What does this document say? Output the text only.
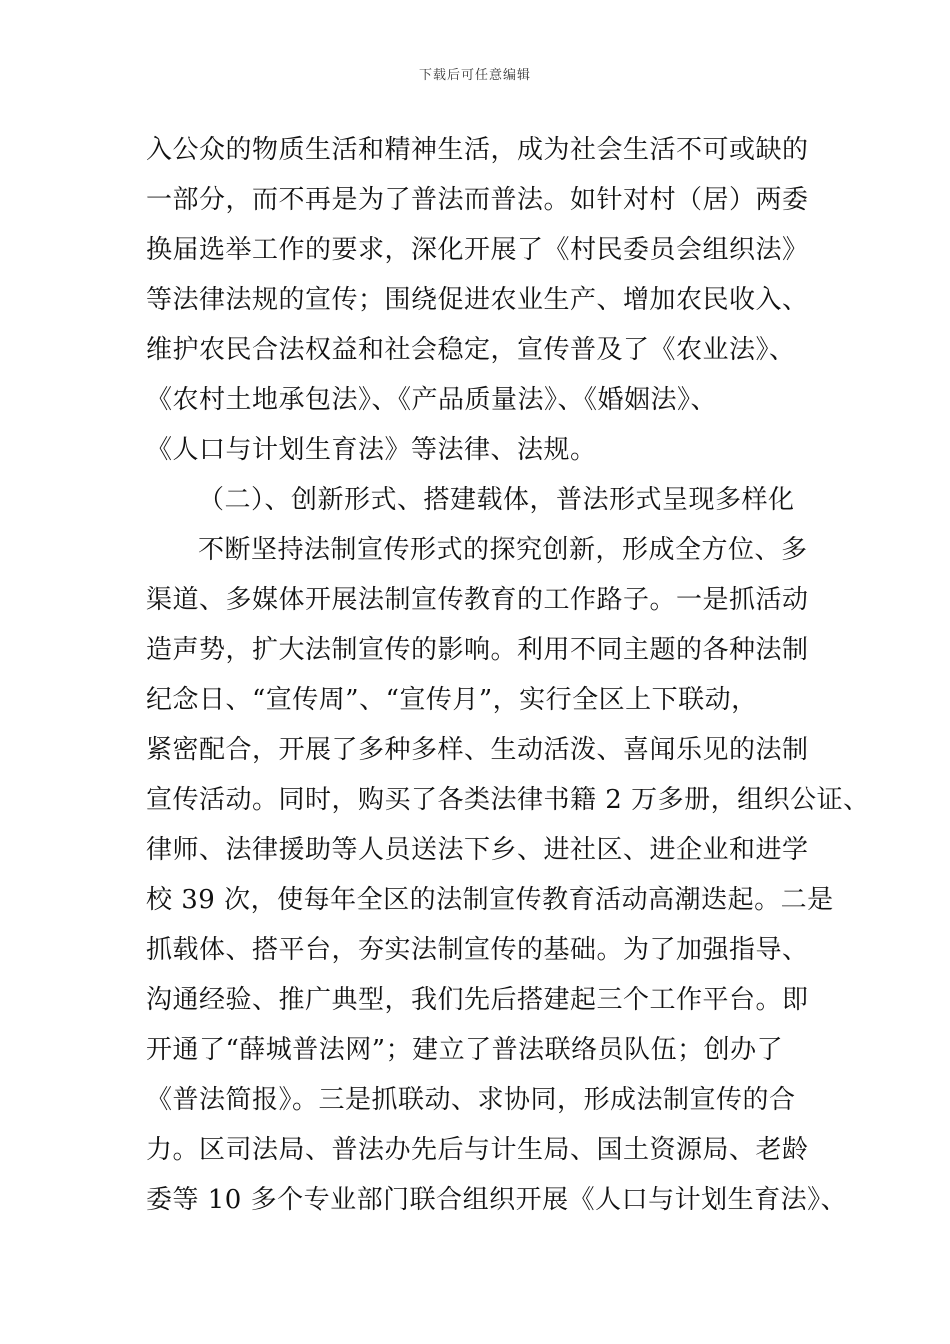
下载后可任意编辑
入公众的物质生活和精神生活，成为社会生活不可或缺的
一部分，而不再是为了普法而普法。如针对村（居）两委
换届选举工作的要求，深化开展了《村民委员会组织法》
等法律法规的宣传；围绕促进农业生产、增加农民收入、
维护农民合法权益和社会稳定，宣传普及了《农业法》、
《农村土地承包法》、《产品质量法》、《婚姻法》、
《人口与计划生育法》等法律、法规。
（二）、创新形式、搭建载体，普法形式呈现多样化
不断坚持法制宣传形式的探究创新，形成全方位、多
渠道、多媒体开展法制宣传教育的工作路子。一是抓活动
造声势，扩大法制宣传的影响。利用不同主题的各种法制
纪念日、“宣传周”、“宣传月”，实行全区上下联动，
紧密配合，开展了多种多样、生动活泼、喜闻乐见的法制
宣传活动。同时，购买了各类法律书籍 2 万多册，组织公证、
律师、法律援助等人员送法下乡、进社区、进企业和进学
校 39 次，使每年全区的法制宣传教育活动高潮迭起。二是
抓载体、搭平台，夯实法制宣传的基础。为了加强指导、
沟通经验、推广典型，我们先后搭建起三个工作平台。即
开通了“薛城普法网”；建立了普法联络员队伍；创办了
《普法简报》。三是抓联动、求协同，形成法制宣传的合
力。区司法局、普法办先后与计生局、国土资源局、老龄
委等 10 多个专业部门联合组织开展《人口与计划生育法》、
